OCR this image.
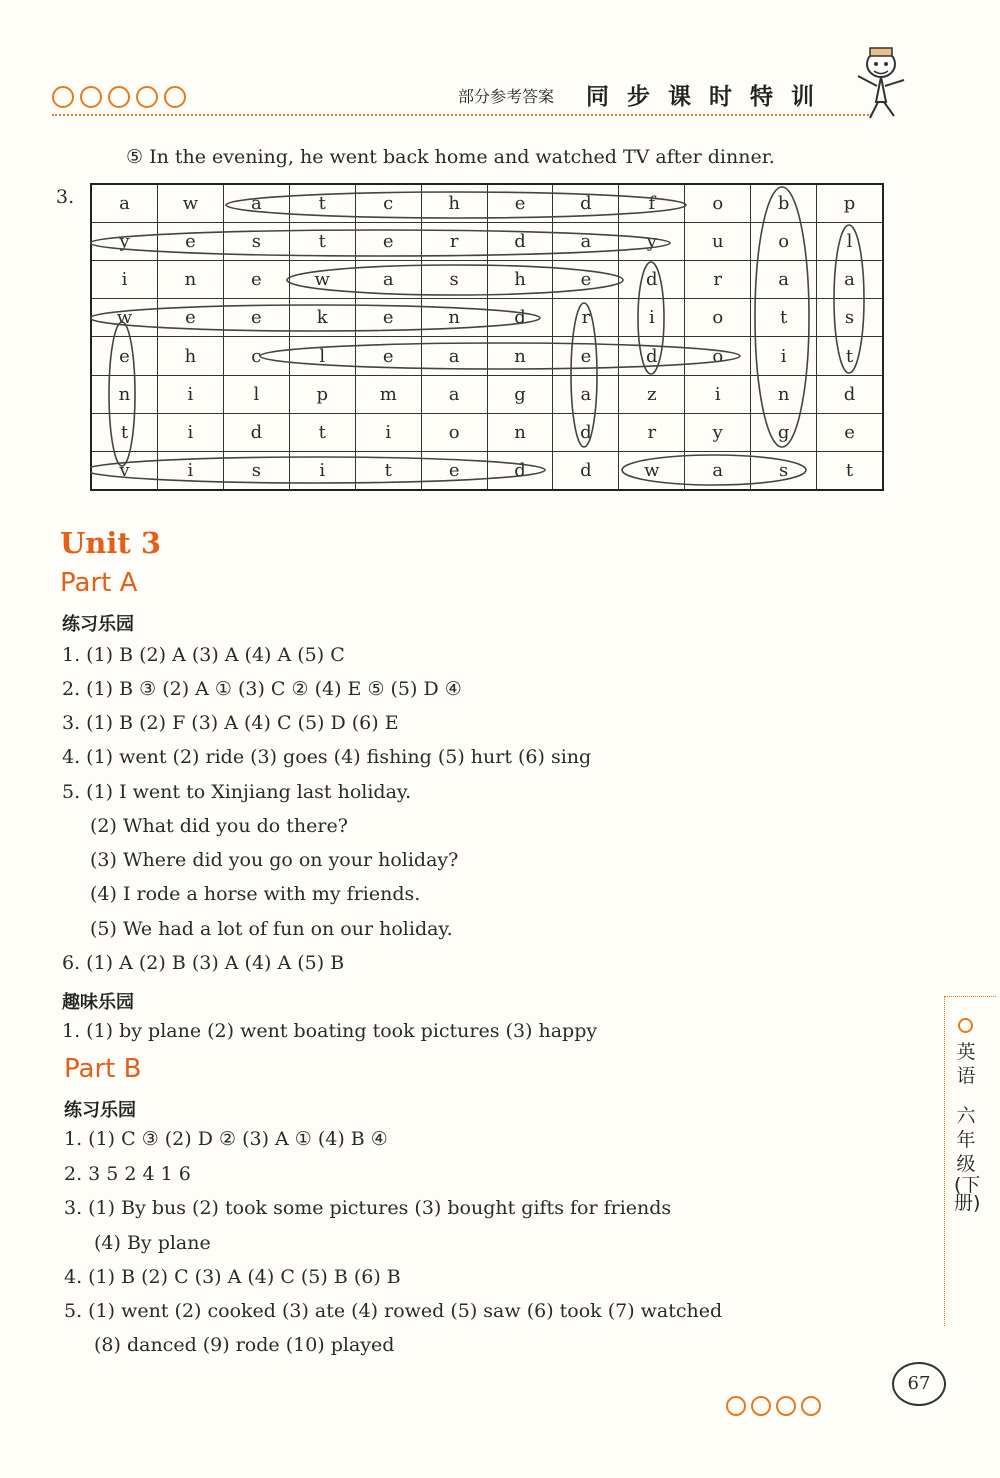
部分参考答案 同步课时特训
⑤ In the evening, he went back home and watched TV after dinner.
3. a	w	a	t	c	h	e	d	f	o	b	p
y	e	s	t	e	r	d	a	y	u	o	l
i	n	e	w	a	s	h	e	d	r	a	a
w	e	e	k	e	n	d	r	i	o	t	s
e	h	c	l	e	a	n	e	d	o	i	t
n	i	l	p	m	a	g	a	z	i	n	d
t	i	d	t	i	o	n	d	r	y	g	e
v	i	s	i	t	e	d	d	w	a	s	t
Unit 3
Part A
练习乐园
1. (1) B (2) A (3) A (4) A (5) C
2. (1) B ③ (2) A ① (3) C ② (4) E ⑤ (5) D ④
3. (1) B (2) F (3) A (4) C (5) D (6) E
4. (1) went (2) ride (3) goes (4) fishing (5) hurt (6) sing
5. (1) I went to Xinjiang last holiday.
(2) What did you do there?
(3) Where did you go on your holiday?
(4) I rode a horse with my friends.
(5) We had a lot of fun on our holiday.
6. (1) A (2) B (3) A (4) A (5) B
趣味乐园
1. (1) by plane (2) went boating took pictures (3) happy
Part B
练习乐园
1. (1) C ③ (2) D ② (3) A ① (4) B ④
2. 3 5 2 4 1 6
3. (1) By bus (2) took some pictures (3) bought gifts for friends
(4) By plane
4. (1) B (2) C (3) A (4) C (5) B (6) B
5. (1) went (2) cooked (3) ate (4) rowed (5) saw (6) took (7) watched
(8) danced (9) rode (10) played
英语
六年级
(下册)
67
